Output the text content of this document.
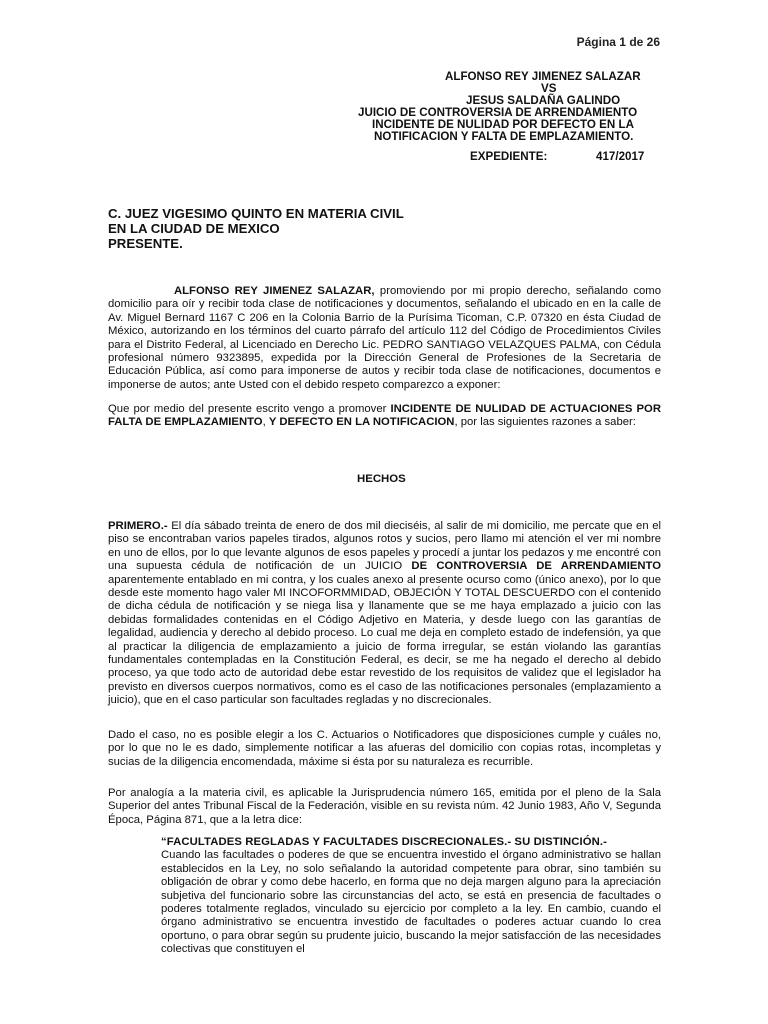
Página 1 de 26
ALFONSO REY JIMENEZ SALAZAR
VS
JESUS SALDAÑA GALINDO
JUICIO DE CONTROVERSIA DE ARRENDAMIENTO
INCIDENTE DE NULIDAD POR DEFECTO EN LA
NOTIFICACION Y FALTA DE EMPLAZAMIENTO.
EXPEDIENTE:	417/2017
C. JUEZ VIGESIMO QUINTO EN MATERIA CIVIL
EN LA CIUDAD DE MEXICO
PRESENTE.
ALFONSO REY JIMENEZ SALAZAR, promoviendo por mi propio derecho, señalando como domicilio para oír y recibir toda clase de notificaciones y documentos, señalando el ubicado en en la calle de Av. Miguel Bernard 1167 C 206 en la Colonia Barrio de la Purísima Ticoman, C.P. 07320 en ésta Ciudad de México, autorizando en los términos del cuarto párrafo del artículo 112 del Código de Procedimientos Civiles para el Distrito Federal, al Licenciado en Derecho Lic. PEDRO SANTIAGO VELAZQUES PALMA, con Cédula profesional número 9323895, expedida por la Dirección General de Profesiones de la Secretaria de Educación Pública, así como para imponerse de autos y recibir toda clase de notificaciones, documentos e imponerse de autos; ante Usted con el debido respeto comparezco a exponer:
Que por medio del presente escrito vengo a promover INCIDENTE DE NULIDAD DE ACTUACIONES POR FALTA DE EMPLAZAMIENTO, Y DEFECTO EN LA NOTIFICACION, por las siguientes razones a saber:
HECHOS
PRIMERO.- El día sábado treinta de enero de dos mil dieciséis, al salir de mi domicilio, me percate que en el piso se encontraban varios papeles tirados, algunos rotos y sucios, pero llamo mi atención el ver mi nombre en uno de ellos, por lo que levante algunos de esos papeles y procedí a juntar los pedazos y me encontré con una supuesta cédula de notificación de un JUICIO DE CONTROVERSIA DE ARRENDAMIENTO aparentemente entablado en mi contra, y los cuales anexo al presente ocurso como (único anexo), por lo que desde este momento hago valer MI INCOFORMMIDAD, OBJECIÓN Y TOTAL DESCUERDO con el contenido de dicha cédula de notificación y se niega lisa y llanamente que se me haya emplazado a juicio con las debidas formalidades contenidas en el Código Adjetivo en Materia, y desde luego con las garantías de legalidad, audiencia y derecho al debido proceso. Lo cual me deja en completo estado de indefensión, ya que al practicar la diligencia de emplazamiento a juicio de forma irregular, se están violando las garantías fundamentales contempladas en la Constitución Federal, es decir, se me ha negado el derecho al debido proceso, ya que todo acto de autoridad debe estar revestido de los requisitos de validez que el legislador ha previsto en diversos cuerpos normativos, como es el caso de las notificaciones personales (emplazamiento a juicio), que en el caso particular son facultades regladas y no discrecionales.
Dado el caso, no es posible elegir a los C. Actuarios o Notificadores que disposiciones cumple y cuáles no, por lo que no le es dado, simplemente notificar a las afueras del domicilio con copias rotas, incompletas y sucias de la diligencia encomendada, máxime si ésta por su naturaleza es recurrible.
Por analogía a la materia civil, es aplicable la Jurisprudencia número 165, emitida por el pleno de la Sala Superior del antes Tribunal Fiscal de la Federación, visible en su revista núm. 42 Junio 1983, Año V, Segunda Época, Página 871, que a la letra dice:
“FACULTADES REGLADAS Y FACULTADES DISCRECIONALES.- SU DISTINCIÓN.-
Cuando las facultades o poderes de que se encuentra investido el órgano administrativo se hallan establecidos en la Ley, no solo señalando la autoridad competente para obrar, sino también su obligación de obrar y como debe hacerlo, en forma que no deja margen alguno para la apreciación subjetiva del funcionario sobre las circunstancias del acto, se está en presencia de facultades o poderes totalmente reglados, vinculado su ejercicio por completo a la ley. En cambio, cuando el órgano administrativo se encuentra investido de facultades o poderes actuar cuando lo crea oportuno, o para obrar según su prudente juicio, buscando la mejor satisfacción de las necesidades colectivas que constituyen el
